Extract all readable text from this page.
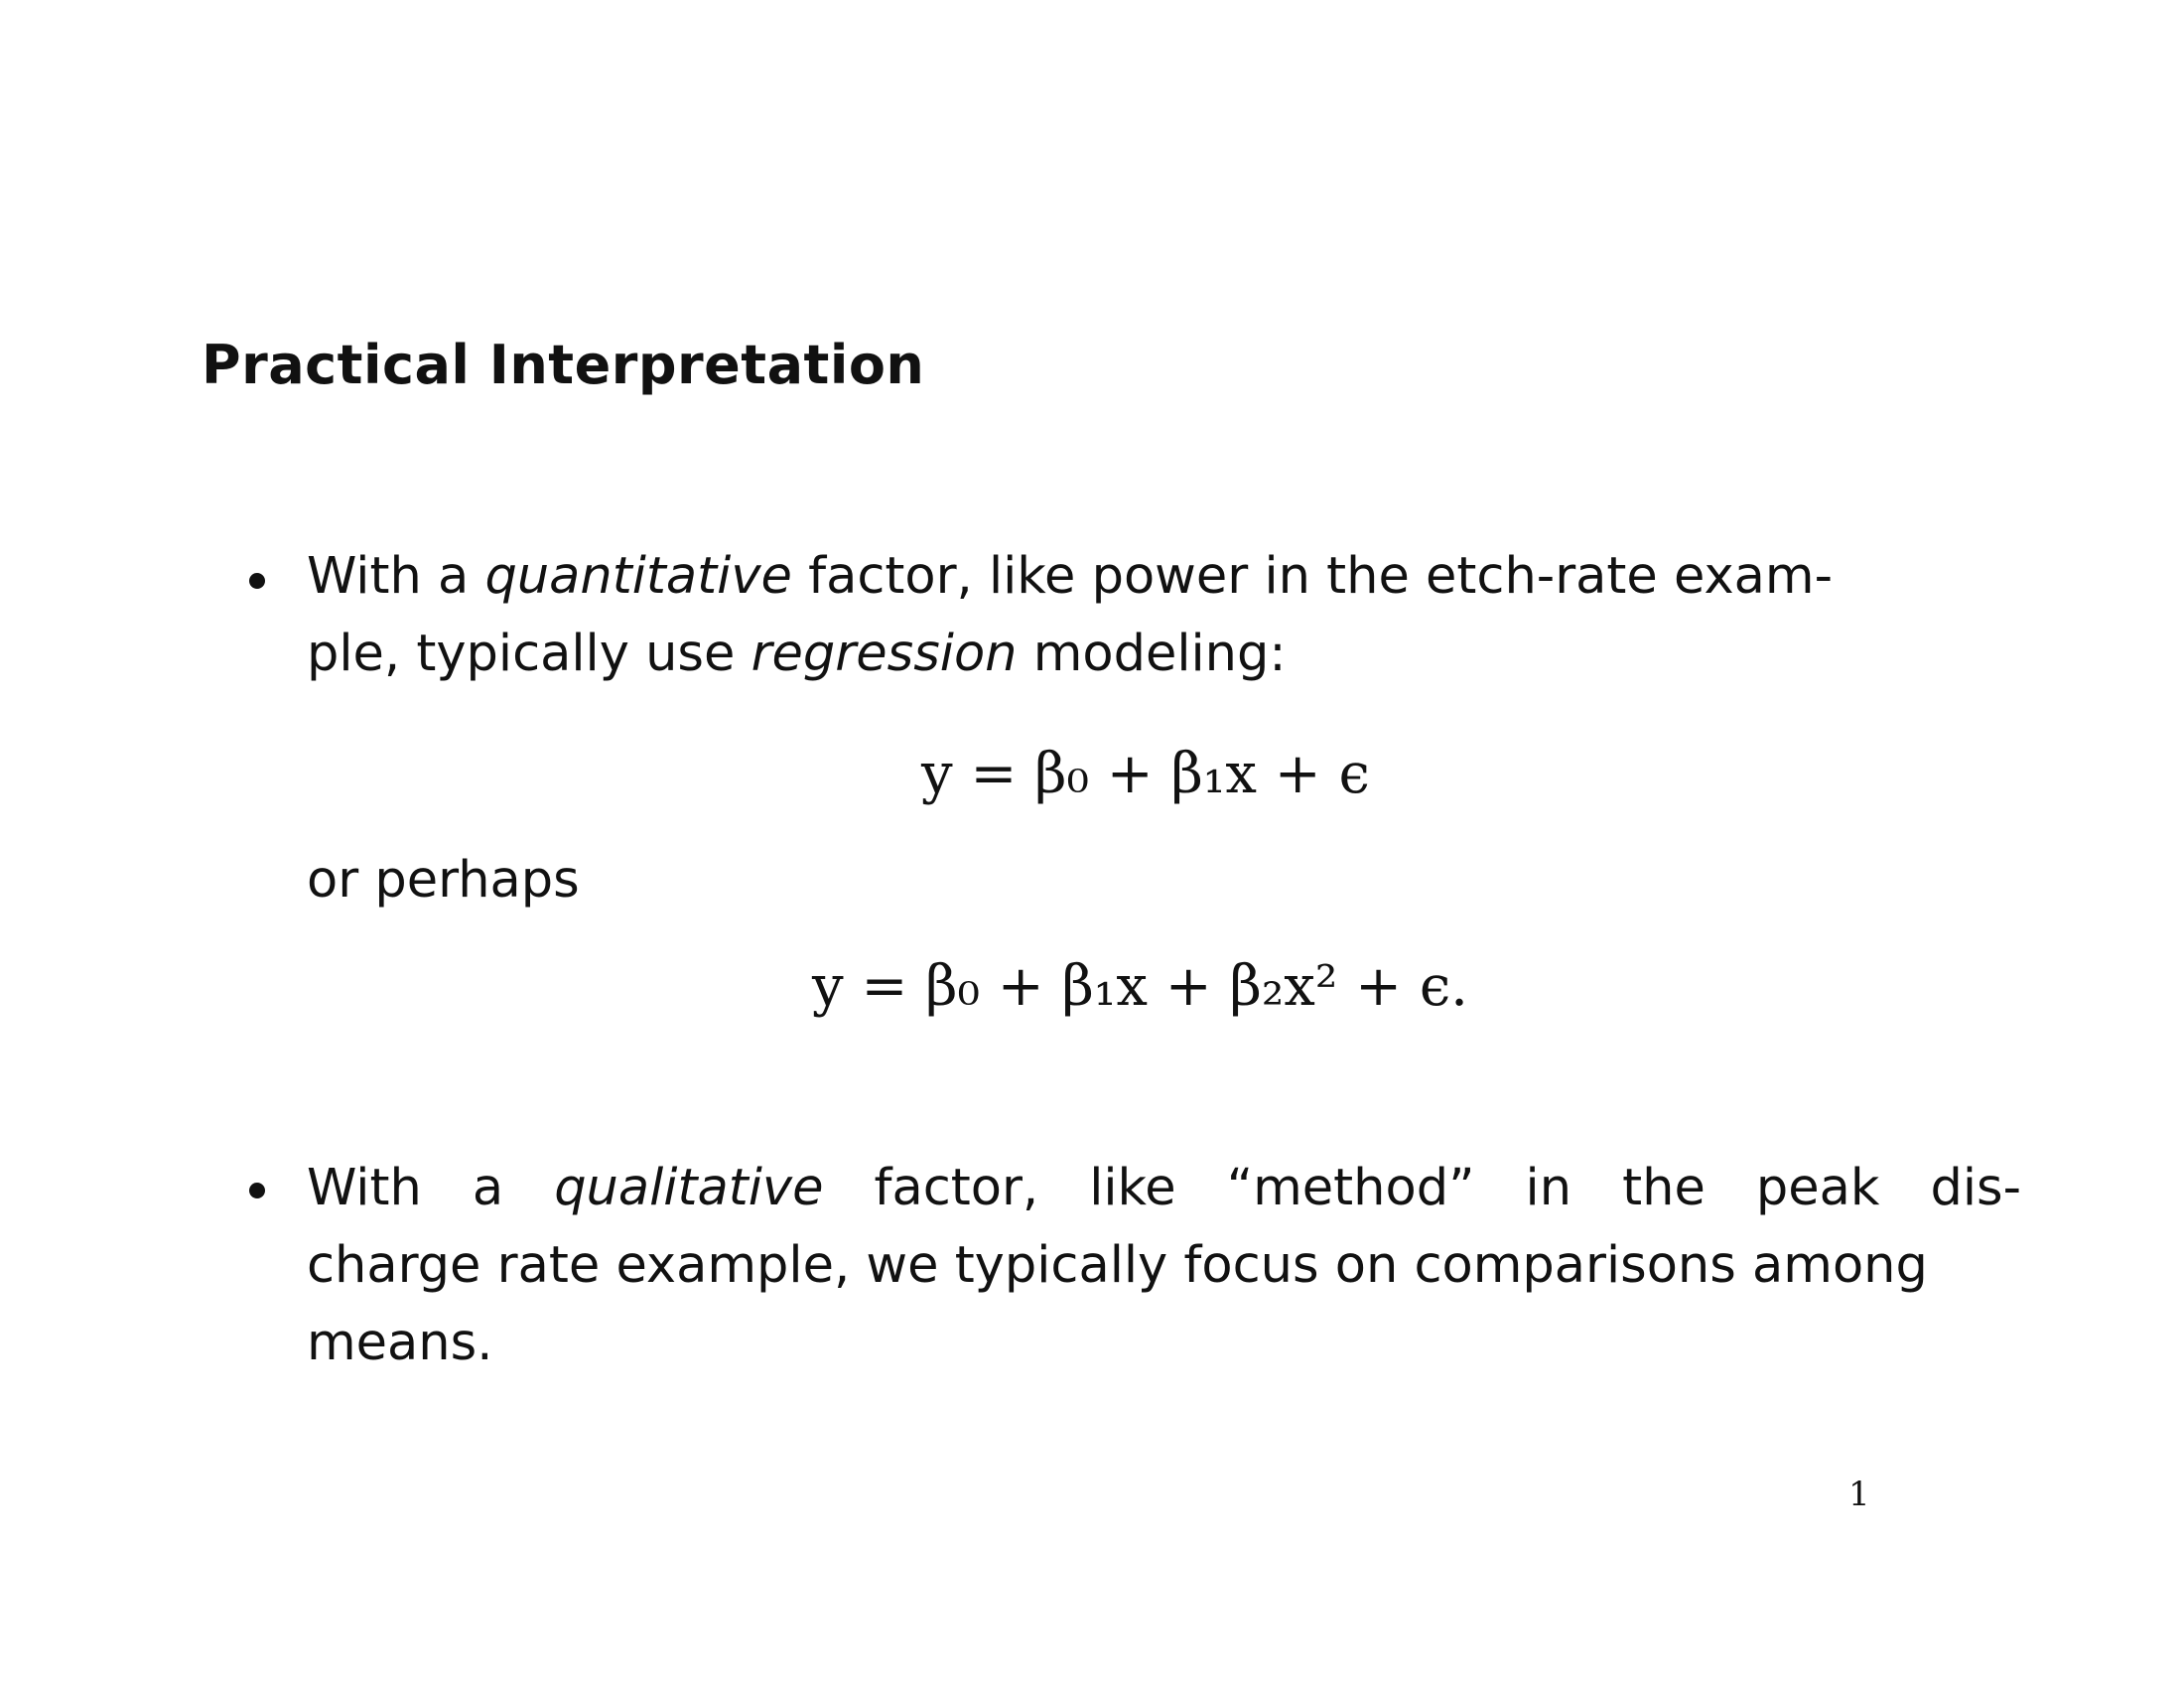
Practical Interpretation
With a quantitative factor, like power in the etch-rate exam-
ple, typically use regression modeling:
y = β₀ + β₁x + ϵ
or perhaps
y = β₀ + β₁x + β₂x² + ϵ.
With a qualitative factor, like “method” in the peak dis-
charge rate example, we typically focus on comparisons among
means.
1
